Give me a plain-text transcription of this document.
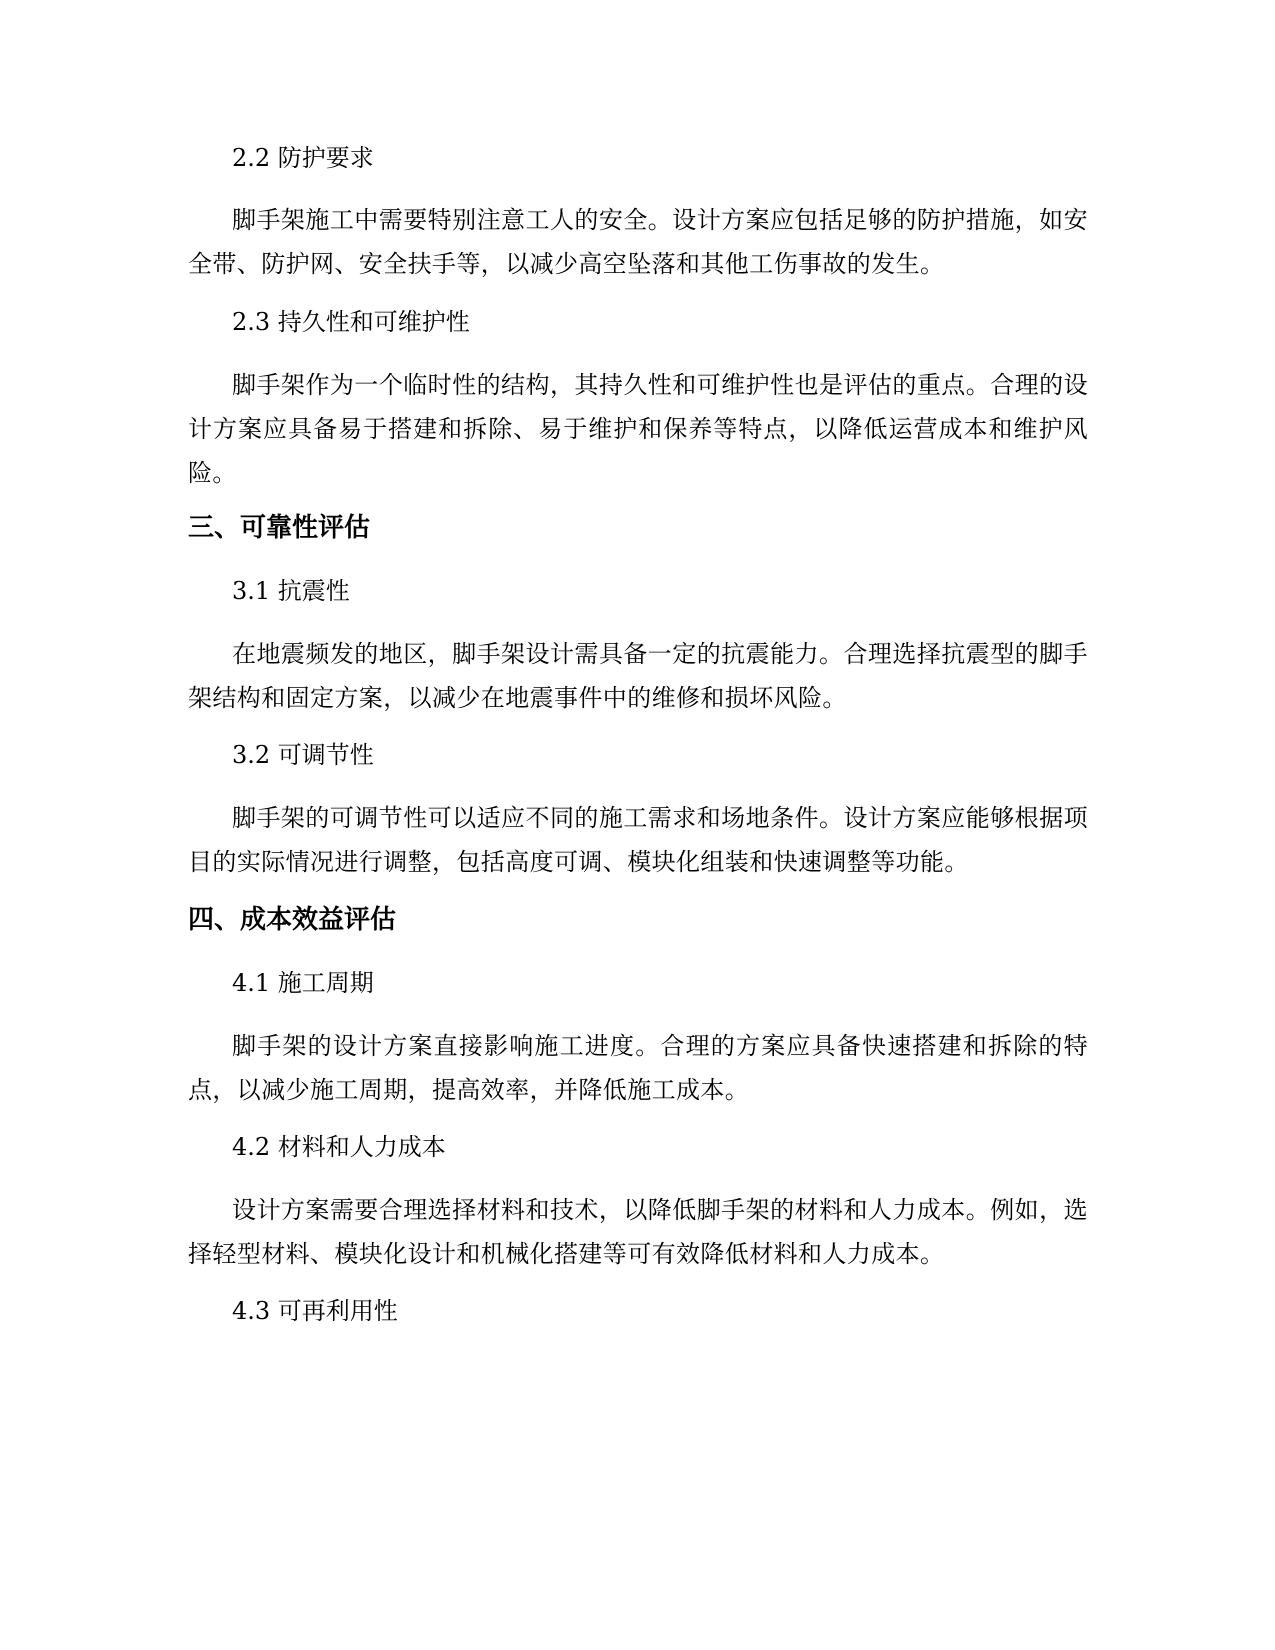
2.2 防护要求
脚手架施工中需要特别注意工人的安全。设计方案应包括足够的防护措施，如安全带、防护网、安全扶手等，以减少高空坠落和其他工伤事故的发生。
2.3 持久性和可维护性
脚手架作为一个临时性的结构，其持久性和可维护性也是评估的重点。合理的设计方案应具备易于搭建和拆除、易于维护和保养等特点，以降低运营成本和维护风险。
三、可靠性评估
3.1 抗震性
在地震频发的地区，脚手架设计需具备一定的抗震能力。合理选择抗震型的脚手架结构和固定方案，以减少在地震事件中的维修和损坏风险。
3.2 可调节性
脚手架的可调节性可以适应不同的施工需求和场地条件。设计方案应能够根据项目的实际情况进行调整，包括高度可调、模块化组装和快速调整等功能。
四、成本效益评估
4.1 施工周期
脚手架的设计方案直接影响施工进度。合理的方案应具备快速搭建和拆除的特点，以减少施工周期，提高效率，并降低施工成本。
4.2 材料和人力成本
设计方案需要合理选择材料和技术，以降低脚手架的材料和人力成本。例如，选择轻型材料、模块化设计和机械化搭建等可有效降低材料和人力成本。
4.3 可再利用性
